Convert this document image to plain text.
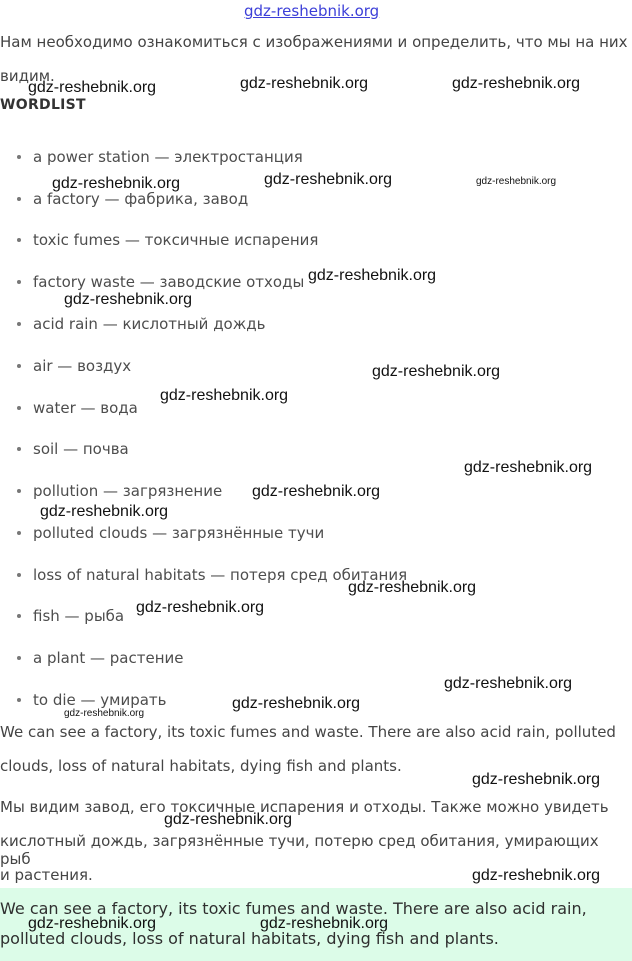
gdz-reshebnik.org
Нам необходимо ознакомиться с изображениями и определить, что мы на них видим.
WORDLIST
a power station — электростанция
a factory — фабрика, завод
toxic fumes — токсичные испарения
factory waste — заводские отходы
acid rain — кислотный дождь
air — воздух
water — вода
soil — почва
pollution — загрязнение
polluted clouds — загрязнённые тучи
loss of natural habitats — потеря сред обитания
fish — рыба
a plant — растение
to die — умирать
We can see a factory, its toxic fumes and waste. There are also acid rain, polluted
clouds, loss of natural habitats, dying fish and plants.
Мы видим завод, его токсичные испарения и отходы. Также можно увидеть
кислотный дождь, загрязнённые тучи, потерю сред обитания, умирающих рыб
и растения.
We can see a factory, its toxic fumes and waste. There are also acid rain,
polluted clouds, loss of natural habitats, dying fish and plants.
gdz-reshebnik.org	gdz-reshebnik.org	gdz-reshebnik.org
gdz-reshebnik.org	gdz-reshebnik.org	gdz-reshebnik.org
gdz-reshebnik.org
gdz-reshebnik.org
gdz-reshebnik.org
gdz-reshebnik.org
gdz-reshebnik.org
gdz-reshebnik.org
gdz-reshebnik.org
gdz-reshebnik.org
gdz-reshebnik.org
gdz-reshebnik.org
gdz-reshebnik.org
gdz-reshebnik.org
gdz-reshebnik.org
gdz-reshebnik.org
gdz-reshebnik.org
gdz-reshebnik.org	gdz-reshebnik.org
